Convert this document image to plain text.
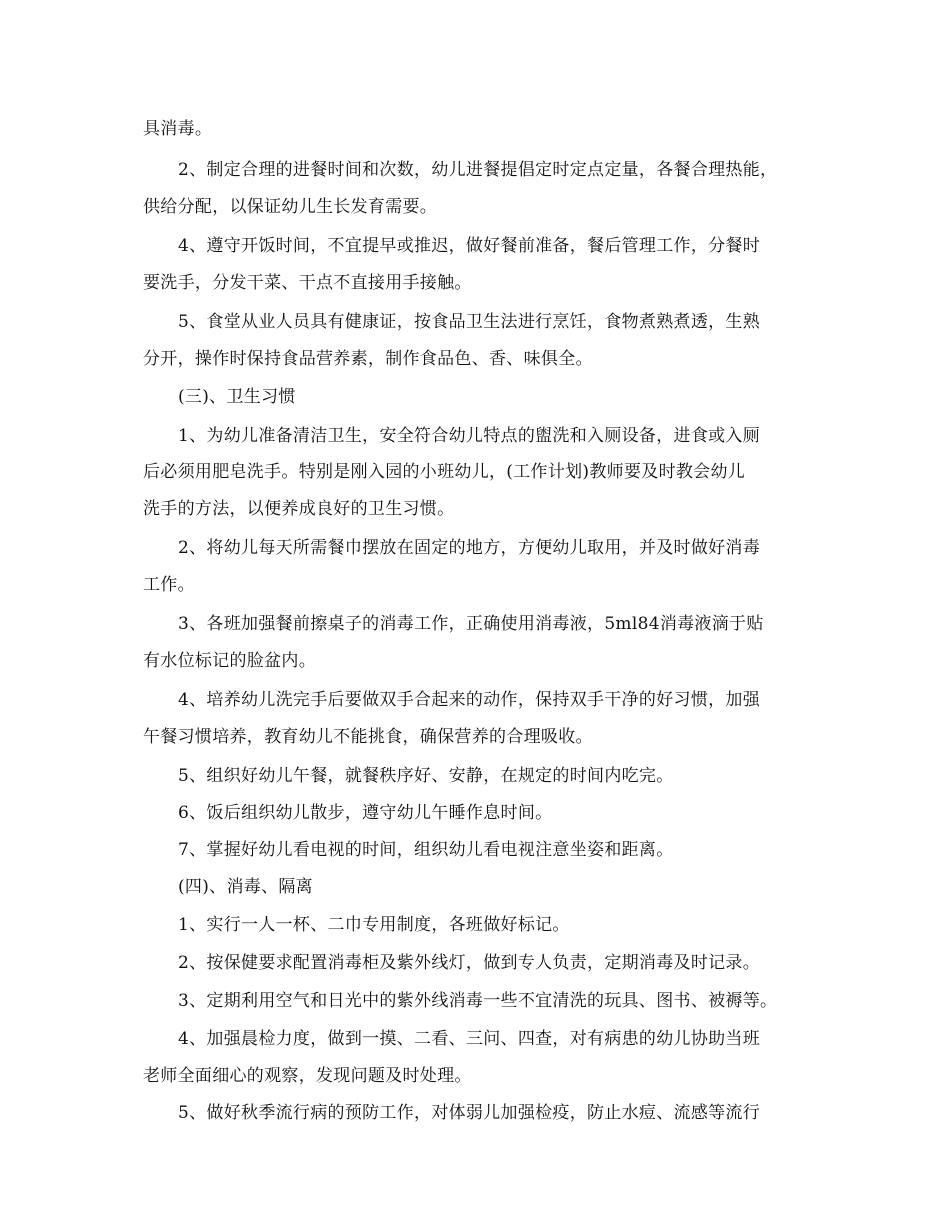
具消毒。
2、制定合理的进餐时间和次数，幼儿进餐提倡定时定点定量，各餐合理热能，
供给分配，以保证幼儿生长发育需要。
4、遵守开饭时间，不宜提早或推迟，做好餐前准备，餐后管理工作，分餐时
要洗手，分发干菜、干点不直接用手接触。
5、食堂从业人员具有健康证，按食品卫生法进行烹饪，食物煮熟煮透，生熟
分开，操作时保持食品营养素，制作食品色、香、味俱全。
(三)、卫生习惯
1、为幼儿准备清洁卫生，安全符合幼儿特点的盥洗和入厕设备，进食或入厕
后必须用肥皂洗手。特别是刚入园的小班幼儿，(工作计划)教师要及时教会幼儿
洗手的方法，以便养成良好的卫生习惯。
2、将幼儿每天所需餐巾摆放在固定的地方，方便幼儿取用，并及时做好消毒
工作。
3、各班加强餐前擦桌子的消毒工作，正确使用消毒液，5ml84消毒液滴于贴
有水位标记的脸盆内。
4、培养幼儿洗完手后要做双手合起来的动作，保持双手干净的好习惯，加强
午餐习惯培养，教育幼儿不能挑食，确保营养的合理吸收。
5、组织好幼儿午餐，就餐秩序好、安静，在规定的时间内吃完。
6、饭后组织幼儿散步，遵守幼儿午睡作息时间。
7、掌握好幼儿看电视的时间，组织幼儿看电视注意坐姿和距离。
(四)、消毒、隔离
1、实行一人一杯、二巾专用制度，各班做好标记。
2、按保健要求配置消毒柜及紫外线灯，做到专人负责，定期消毒及时记录。
3、定期利用空气和日光中的紫外线消毒一些不宜清洗的玩具、图书、被褥等。
4、加强晨检力度，做到一摸、二看、三问、四查，对有病患的幼儿协助当班
老师全面细心的观察，发现问题及时处理。
5、做好秋季流行病的预防工作，对体弱儿加强检疫，防止水痘、流感等流行
